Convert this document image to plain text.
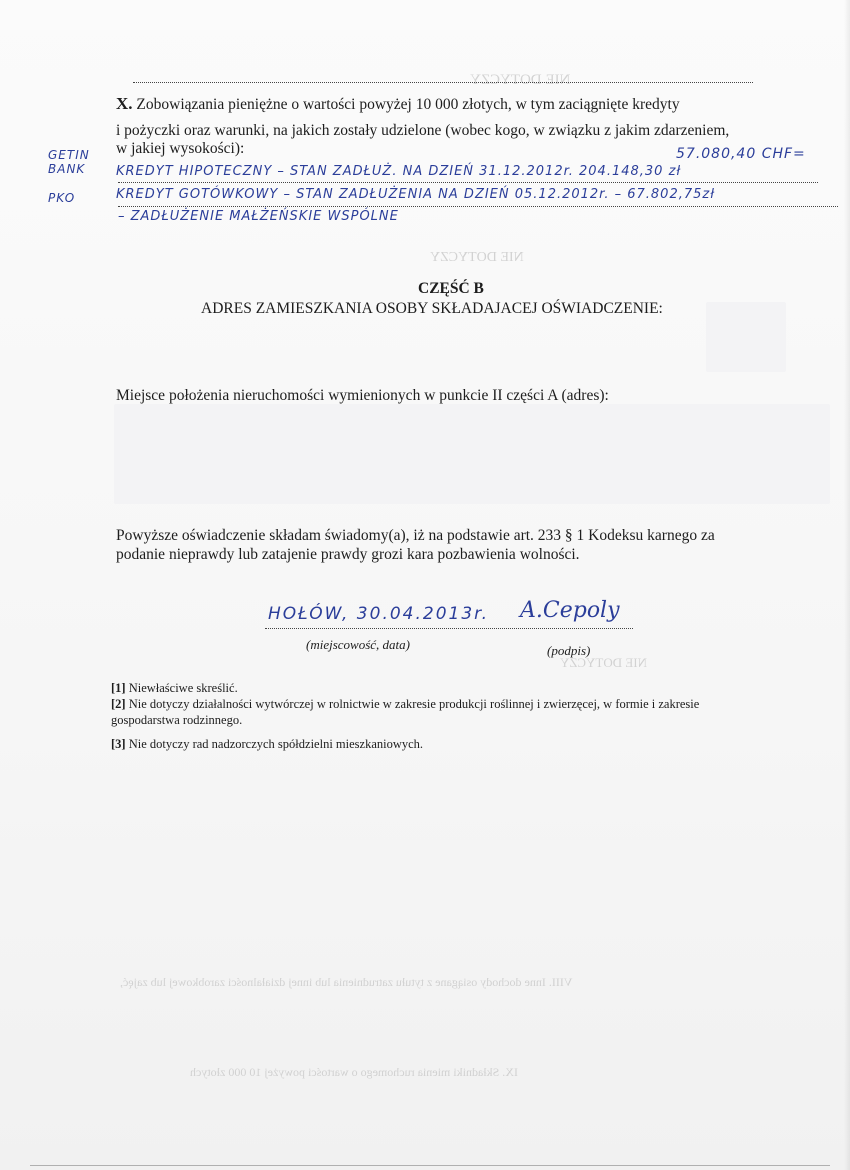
NIE DOTYCZY
NIE DOTYCZY
VIII. Inne dochody osiągane z tytułu zatrudnienia lub innej działalności zarobkowej lub zajęć,
IX. Składniki mienia ruchomego o wartości powyżej 10 000 złotych
NIE DOTYCZY
X. Zobowiązania pieniężne o wartości powyżej 10 000 złotych, w tym zaciągnięte kredyty
i pożyczki oraz warunki, na jakich zostały udzielone (wobec kogo, w związku z jakim zdarzeniem,
w jakiej wysokości):
GETIN
BANK
PKO
57.080,40 CHF=
KREDYT HIPOTECZNY – STAN ZADŁUŻ. NA DZIEŃ 31.12.2012r. 204.148,30 zł
KREDYT GOTÓWKOWY – STAN ZADŁUŻENIA NA DZIEŃ 05.12.2012r. – 67.802,75zł
– ZADŁUŻENIE MAŁŻEŃSKIE WSPÓLNE
CZĘŚĆ B
ADRES ZAMIESZKANIA OSOBY SKŁADAJACEJ OŚWIADCZENIE:
Miejsce położenia nieruchomości wymienionych w punkcie II części A (adres):
Powyższe oświadczenie składam świadomy(a), iż na podstawie art. 233 § 1 Kodeksu karnego za
podanie nieprawdy lub zatajenie prawdy grozi kara pozbawienia wolności.
HOŁÓW, 30.04.2013r. A.Cepoly
(miejscowość, data)	(podpis)
[1] Niewłaściwe skreślić.
[2] Nie dotyczy działalności wytwórczej w rolnictwie w zakresie produkcji roślinnej i zwierzęcej, w formie i zakresie
gospodarstwa rodzinnego.
[3] Nie dotyczy rad nadzorczych spółdzielni mieszkaniowych.
